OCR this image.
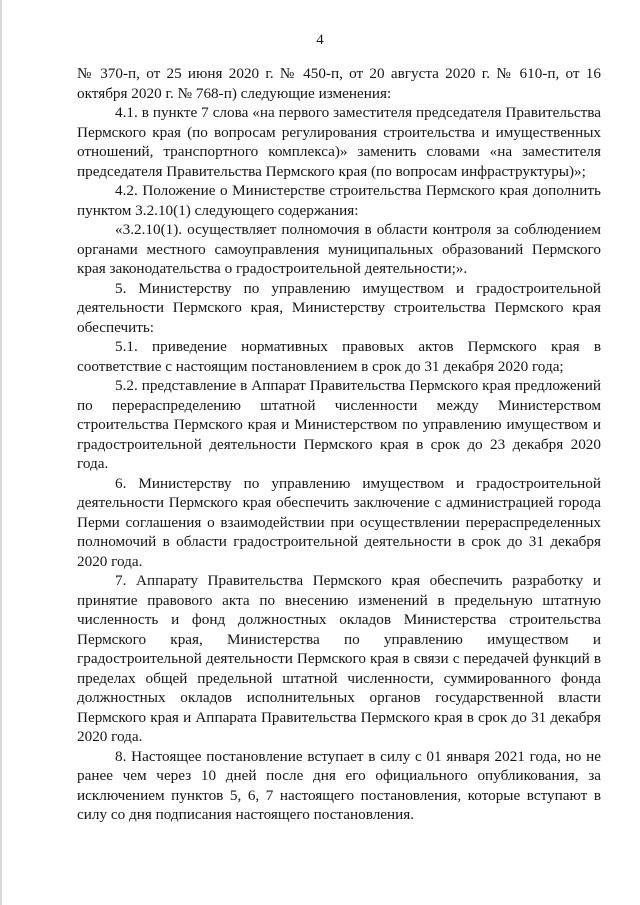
4

№ 370-п, от 25 июня 2020 г. № 450-п, от 20 августа 2020 г. № 610-п, от 16 октября 2020 г. № 768-п) следующие изменения:

4.1. в пункте 7 слова «на первого заместителя председателя Правительства Пермского края (по вопросам регулирования строительства и имущественных отношений, транспортного комплекса)» заменить словами «на заместителя председателя Правительства Пермского края (по вопросам инфраструктуры)»;

4.2. Положение о Министерстве строительства Пермского края дополнить пунктом 3.2.10(1) следующего содержания:

«3.2.10(1). осуществляет полномочия в области контроля за соблюдением органами местного самоуправления муниципальных образований Пермского края законодательства о градостроительной деятельности;».

5. Министерству по управлению имуществом и градостроительной деятельности Пермского края, Министерству строительства Пермского края обеспечить:

5.1. приведение нормативных правовых актов Пермского края в соответствие с настоящим постановлением в срок до 31 декабря 2020 года;

5.2. представление в Аппарат Правительства Пермского края предложений по перераспределению штатной численности между Министерством строительства Пермского края и Министерством по управлению имуществом и градостроительной деятельности Пермского края в срок до 23 декабря 2020 года.

6. Министерству по управлению имуществом и градостроительной деятельности Пермского края обеспечить заключение с администрацией города Перми соглашения о взаимодействии при осуществлении перераспределенных полномочий в области градостроительной деятельности в срок до 31 декабря 2020 года.

7. Аппарату Правительства Пермского края обеспечить разработку и принятие правового акта по внесению изменений в предельную штатную численность и фонд должностных окладов Министерства строительства Пермского края, Министерства по управлению имуществом и градостроительной деятельности Пермского края в связи с передачей функций в пределах общей предельной штатной численности, суммированного фонда должностных окладов исполнительных органов государственной власти Пермского края и Аппарата Правительства Пермского края в срок до 31 декабря 2020 года.

8. Настоящее постановление вступает в силу с 01 января 2021 года, но не ранее чем через 10 дней после дня его официального опубликования, за исключением пунктов 5, 6, 7 настоящего постановления, которые вступают в силу со дня подписания настоящего постановления.
